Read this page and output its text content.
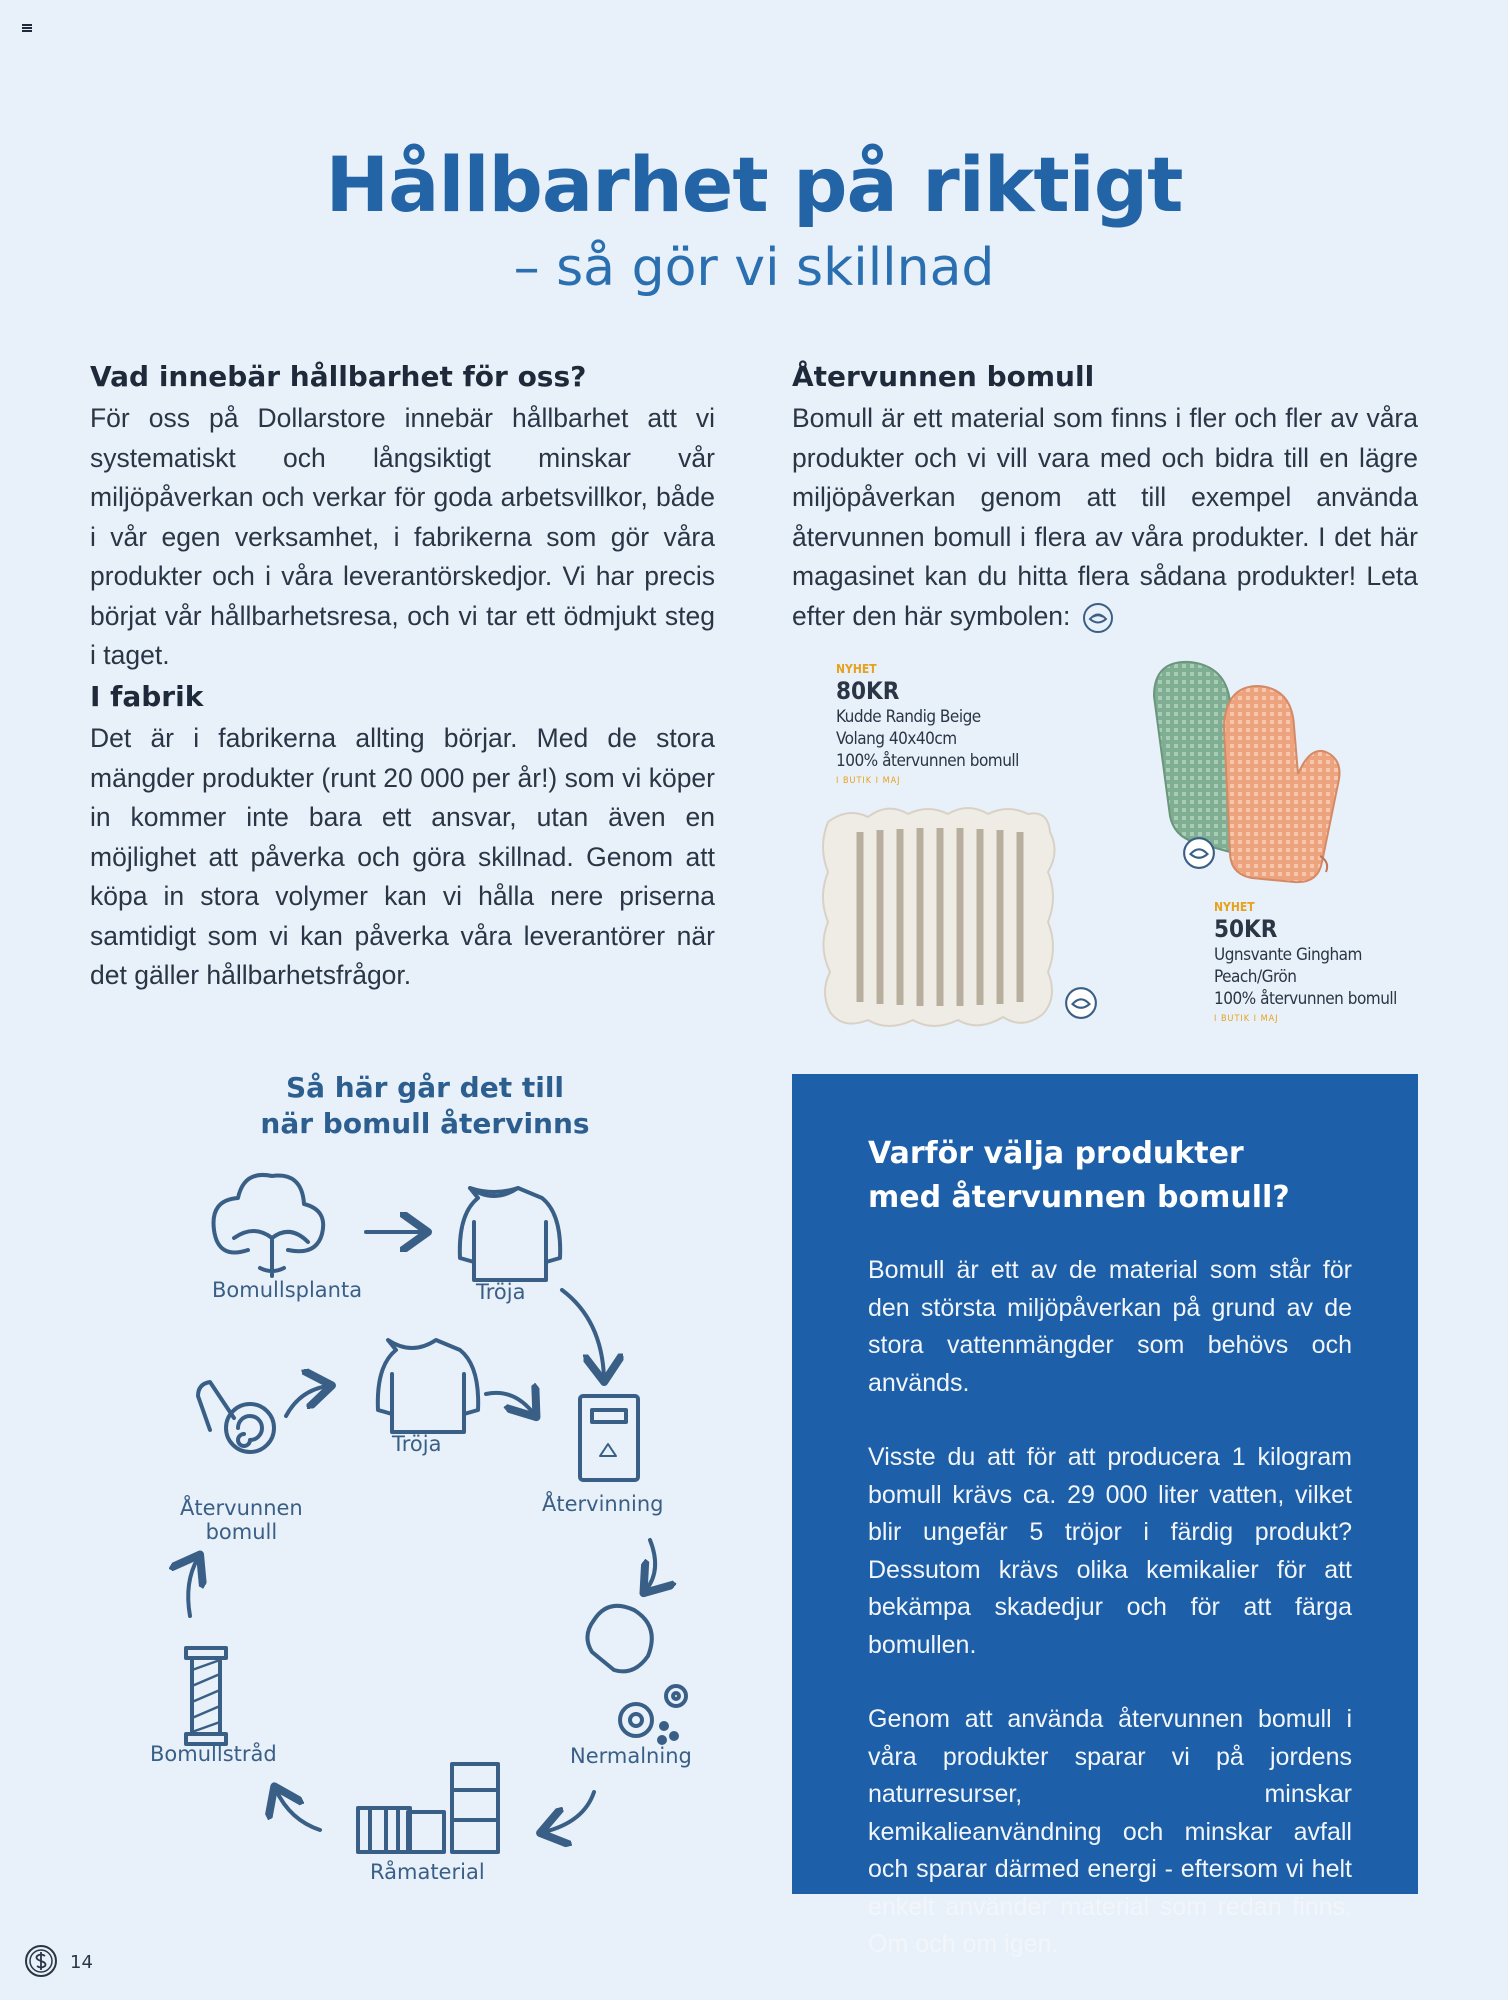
Hållbarhet på riktigt
– så gör vi skillnad
Vad innebär hållbarhet för oss?

För oss på Dollarstore innebär hållbarhet att vi systematiskt och långsiktigt minskar vår miljöpåverkan och verkar för goda arbetsvillkor, både i vår egen verksamhet, i fabrikerna som gör våra produkter och i våra leverantörskedjor. Vi har precis börjat vår hållbarhetsresa, och vi tar ett ödmjukt steg i taget.

I fabrik

Det är i fabrikerna allting börjar. Med de stora mängder produkter (runt 20 000 per år!) som vi köper in kommer inte bara ett ansvar, utan även en möjlighet att påverka och göra skillnad. Genom att köpa in stora volymer kan vi hålla nere priserna samtidigt som vi kan påverka våra leverantörer när det gäller hållbarhetsfrågor.

Återvunnen bomull

Bomull är ett material som finns i fler och fler av våra produkter och vi vill vara med och bidra till en lägre miljöpåverkan genom att till exempel använda återvunnen bomull i flera av våra produkter. I det här magasinet kan du hitta flera sådana produkter! Leta efter den här symbolen:

NYHET
80KR
Kudde Randig Beige
Volang 40x40cm
100% återvunnen bomull
I BUTIK I MAJ
NYHET
50KR
Ugnsvante Gingham
Peach/Grön
100% återvunnen bomull
I BUTIK I MAJ
Så här går det till
när bomull återvinns
Bomullsplanta	Tröja
Tröja
Återvinning
Nermalning
Råmaterial
Bomullstråd
Återvunnen
bomull
Varför välja produkter
med återvunnen bomull?

Bomull är ett av de material som står för den största miljöpåverkan på grund av de stora vattenmängder som behövs och används.

Visste du att för att producera 1 kilogram bomull krävs ca. 29 000 liter vatten, vilket blir ungefär 5 tröjor i färdig produkt? Dessutom krävs olika kemikalier för att bekämpa skadedjur och för att färga bomullen.

Genom att använda återvunnen bomull i våra produkter sparar vi på jordens naturresurser, minskar kemikalieanvändning och minskar avfall och sparar därmed energi - eftersom vi helt enkelt använder material som redan finns. Om och om igen.

14
